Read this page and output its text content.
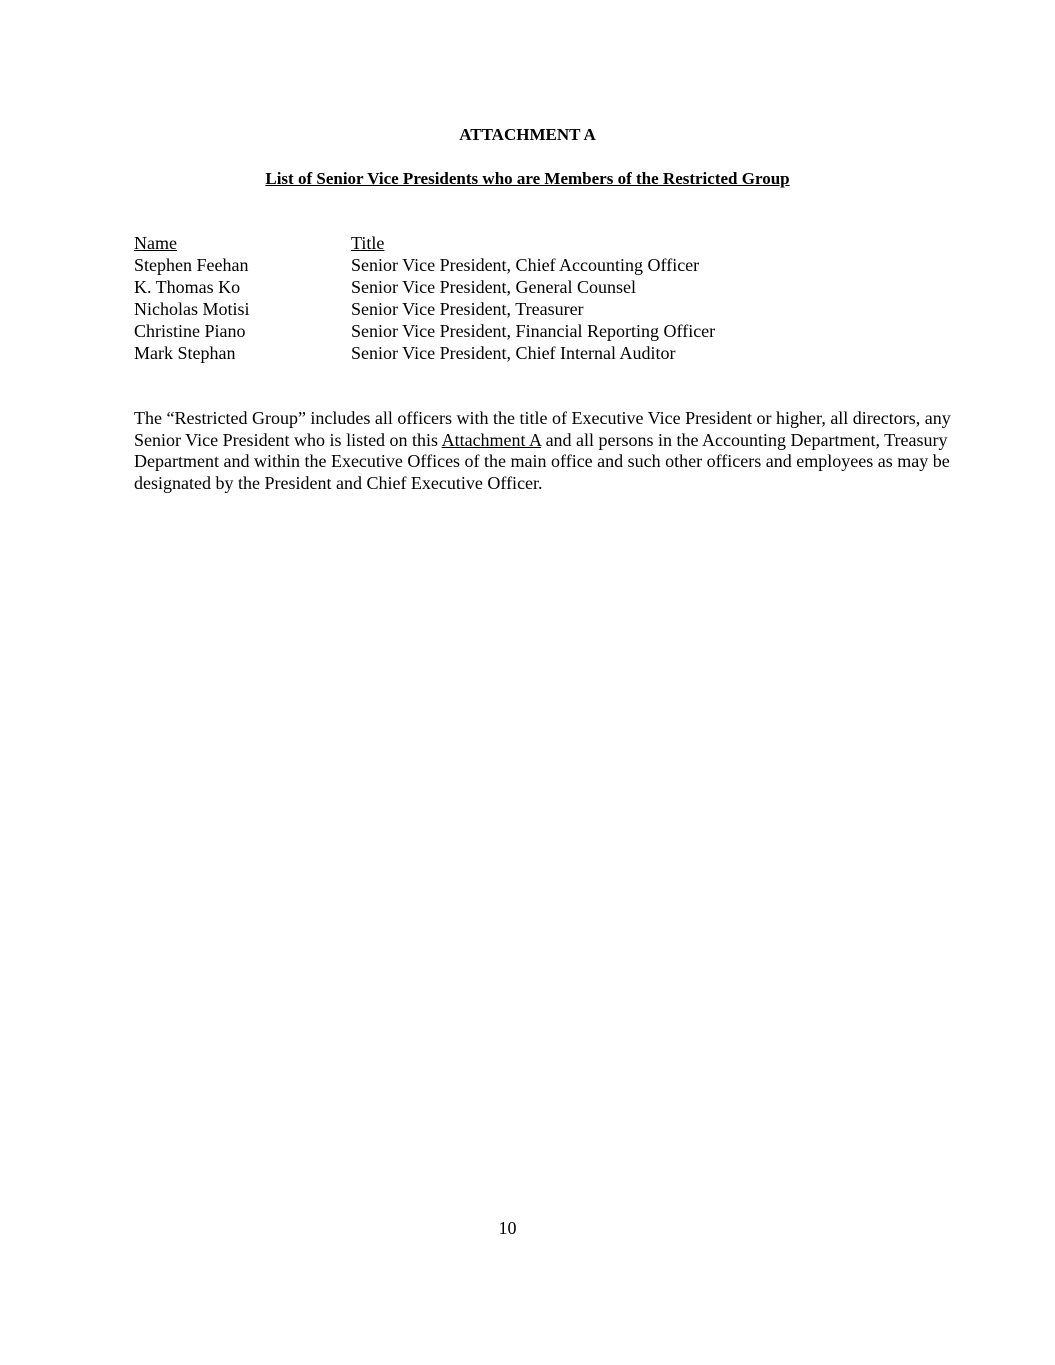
ATTACHMENT A
List of Senior Vice Presidents who are Members of the Restricted Group
Name	Title
Stephen Feehan	Senior Vice President, Chief Accounting Officer
K. Thomas Ko	Senior Vice President, General Counsel
Nicholas Motisi	Senior Vice President, Treasurer
Christine Piano	Senior Vice President, Financial Reporting Officer
Mark Stephan	Senior Vice President, Chief Internal Auditor
The “Restricted Group” includes all officers with the title of Executive Vice President or higher, all directors, any Senior Vice President who is listed on this Attachment A and all persons in the Accounting Department, Treasury Department and within the Executive Offices of the main office and such other officers and employees as may be designated by the President and Chief Executive Officer.
10
